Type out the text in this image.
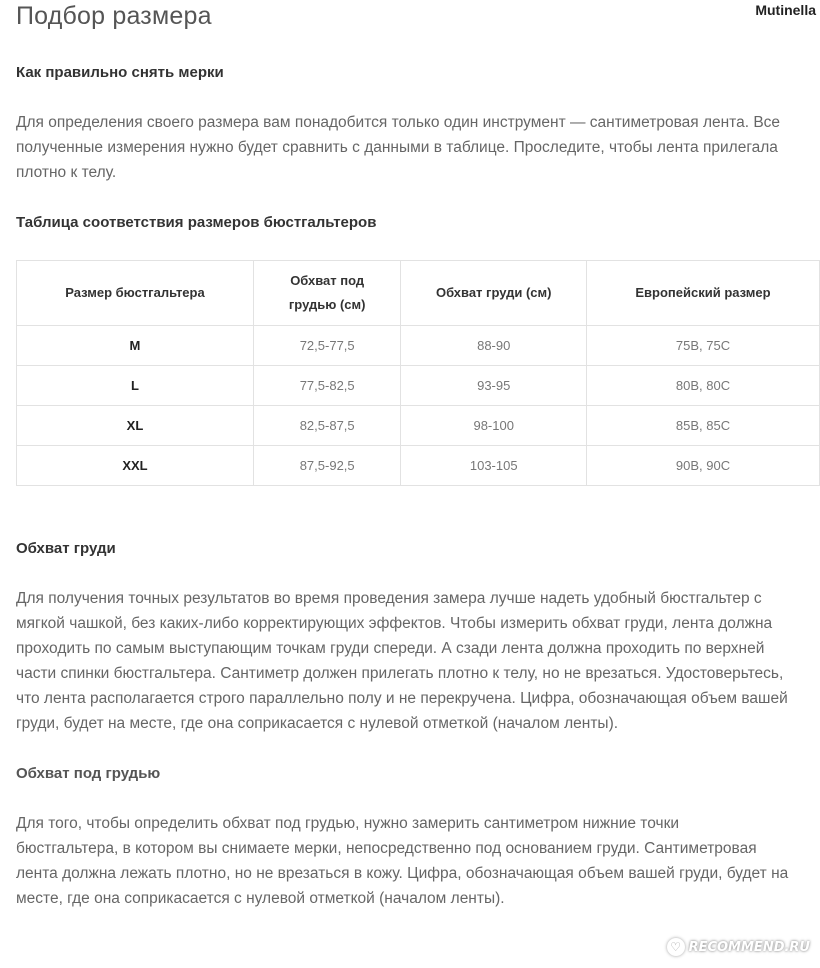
Подбор размера	Mutinella
Как правильно снять мерки

Для определения своего размера вам понадобится только один инструмент — сантиметровая лента. Все
полученные измерения нужно будет сравнить с данными в таблице. Проследите, чтобы лента прилегала
плотно к телу.

Таблица соответствия размеров бюстгальтеров
Размер бюстгальтера	Обхват под грудью (см)	Обхват груди (см)	Европейский размер
M	72,5-77,5	88-90	75B, 75C
L	77,5-82,5	93-95	80B, 80C
XL	82,5-87,5	98-100	85B, 85C
XXL	87,5-92,5	103-105	90B, 90C
Обхват груди

Для получения точных результатов во время проведения замера лучше надеть удобный бюстгальтер с
мягкой чашкой, без каких-либо корректирующих эффектов. Чтобы измерить обхват груди, лента должна
проходить по самым выступающим точкам груди спереди. А сзади лента должна проходить по верхней
части спинки бюстгальтера. Сантиметр должен прилегать плотно к телу, но не врезаться. Удостоверьтесь,
что лента располагается строго параллельно полу и не перекручена. Цифра, обозначающая объем вашей
груди, будет на месте, где она соприкасается с нулевой отметкой (началом ленты).

Обхват под грудью

Для того, чтобы определить обхват под грудью, нужно замерить сантиметром нижние точки
бюстгальтера, в котором вы снимаете мерки, непосредственно под основанием груди. Сантиметровая
лента должна лежать плотно, но не врезаться в кожу. Цифра, обозначающая объем вашей груди, будет на
месте, где она соприкасается с нулевой отметкой (началом ленты).

♡ RECOMMEND.RU
